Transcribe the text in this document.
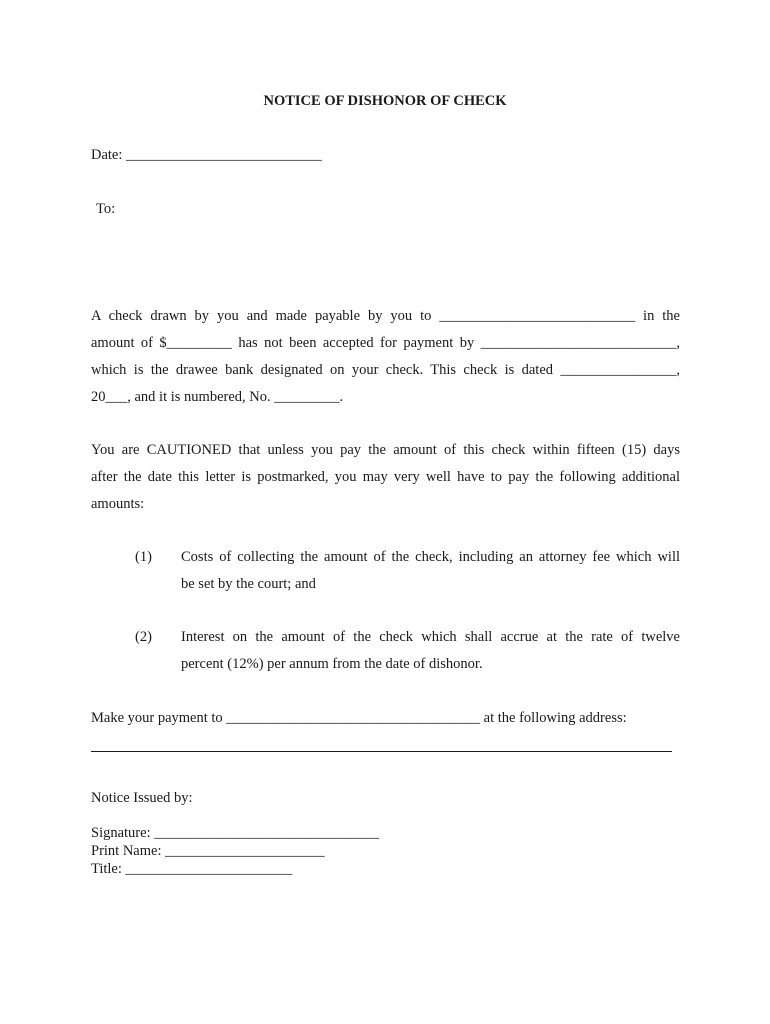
NOTICE OF DISHONOR OF CHECK
Date: ___________________________
To:
A check drawn by you and made payable by you to ___________________________ in the
amount of $_________ has not been accepted for payment by ___________________________,
which is the drawee bank designated on your check. This check is dated ________________,
20___, and it is numbered, No. _________.
You are CAUTIONED that unless you pay the amount of this check within fifteen (15) days
after the date this letter is postmarked, you may very well have to pay the following additional
amounts:
(1) Costs of collecting the amount of the check, including an attorney fee which will
be set by the court; and
(2) Interest on the amount of the check which shall accrue at the rate of twelve
percent (12%) per annum from the date of dishonor.
Make your payment to ___________________________________ at the following address:
Notice Issued by:
Signature: _______________________________
Print Name: ______________________
Title: _______________________
